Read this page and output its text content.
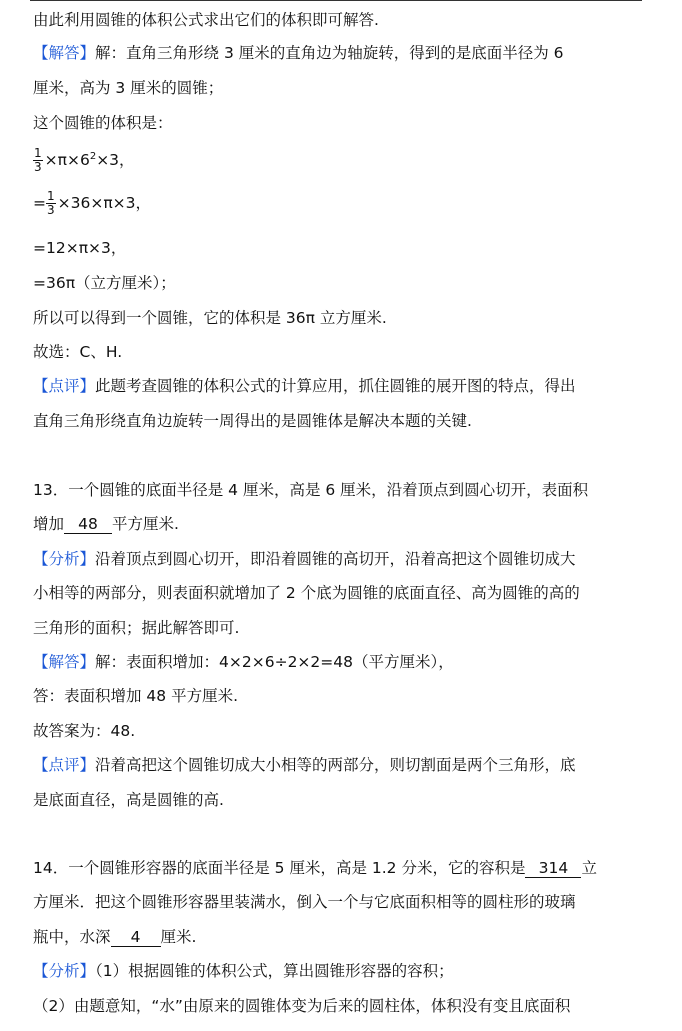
由此利用圆锥的体积公式求出它们的体积即可解答.
【解答】解：直角三角形绕 3 厘米的直角边为轴旋转，得到的是底面半径为 6
厘米，高为 3 厘米的圆锥；
这个圆锥的体积是：
$\frac{1}{3} \times\pi\times 6^2\times 3$，
= $\frac{1}{3} \times 36\times\pi\times 3$，
=12×π×3，
=36π（立方厘米）；
所以可以得到一个圆锥，它的体积是 36π 立方厘米.
故选：C、H.
【点评】此题考查圆锥的体积公式的计算应用，抓住圆锥的展开图的特点，得出
直角三角形绕直角边旋转一周得出的是圆锥体是解决本题的关键.
13．一个圆锥的底面半径是 4 厘米，高是 6 厘米，沿着顶点到圆心切开，表面积
增加 48 平方厘米.
【分析】沿着顶点到圆心切开，即沿着圆锥的高切开，沿着高把这个圆锥切成大
小相等的两部分，则表面积就增加了 2 个底为圆锥的底面直径、高为圆锥的高的
三角形的面积；据此解答即可.
【解答】解：表面积增加：4×2×6÷2×2=48（平方厘米），
答：表面积增加 48 平方厘米.
故答案为：48.
【点评】沿着高把这个圆锥切成大小相等的两部分，则切割面是两个三角形，底
是底面直径，高是圆锥的高.
14．一个圆锥形容器的底面半径是 5 厘米，高是 1.2 分米，它的容积是 314 立
方厘米．把这个圆锥形容器里装满水，倒入一个与它底面积相等的圆柱形的玻璃
瓶中，水深 4 厘米.
【分析】（1）根据圆锥的体积公式，算出圆锥形容器的容积；
（2）由题意知，“水”由原来的圆锥体变为后来的圆柱体，体积没有变且底面积
